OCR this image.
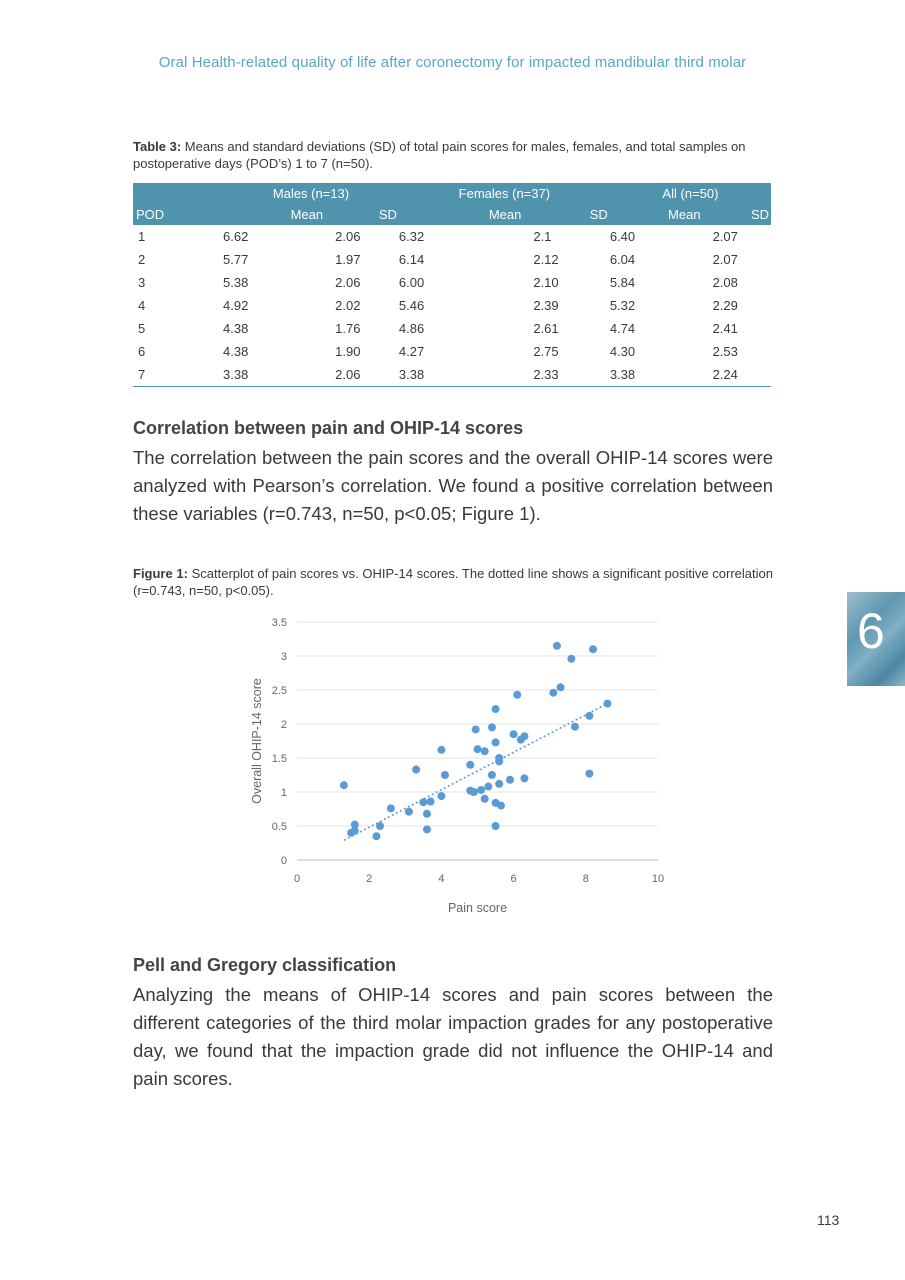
Oral Health-related quality of life after coronectomy for impacted mandibular third molar
Table 3: Means and standard deviations (SD) of total pain scores for males, females, and total samples on postoperative days (POD’s) 1 to 7 (n=50).
	Males (n=13)		Females (n=37)		All (n=50)	
POD	Mean	SD	Mean	SD	Mean	SD
1	6.62	2.06	6.32	2.1	6.40	2.07
2	5.77	1.97	6.14	2.12	6.04	2.07
3	5.38	2.06	6.00	2.10	5.84	2.08
4	4.92	2.02	5.46	2.39	5.32	2.29
5	4.38	1.76	4.86	2.61	4.74	2.41
6	4.38	1.90	4.27	2.75	4.30	2.53
7	3.38	2.06	3.38	2.33	3.38	2.24
Correlation between pain and OHIP-14 scores
The correlation between the pain scores and the overall OHIP-14 scores were analyzed with Pearson’s correlation. We found a positive correlation between these variables (r=0.743, n=50, p<0.05; Figure 1).
Figure 1: Scatterplot of pain scores vs. OHIP-14 scores. The dotted line shows a significant positive correlation (r=0.743, n=50, p<0.05).
0
0.5
1
1.5
2
2.5
3
3.5
0	2	4	6	8	10
Pain score
Overall OHIP-14 score
Pell and Gregory classification
Analyzing the means of OHIP-14 scores and pain scores between the different categories of the third molar impaction grades for any postoperative day, we found that the impaction grade did not influence the OHIP-14 and pain scores.
6
113
